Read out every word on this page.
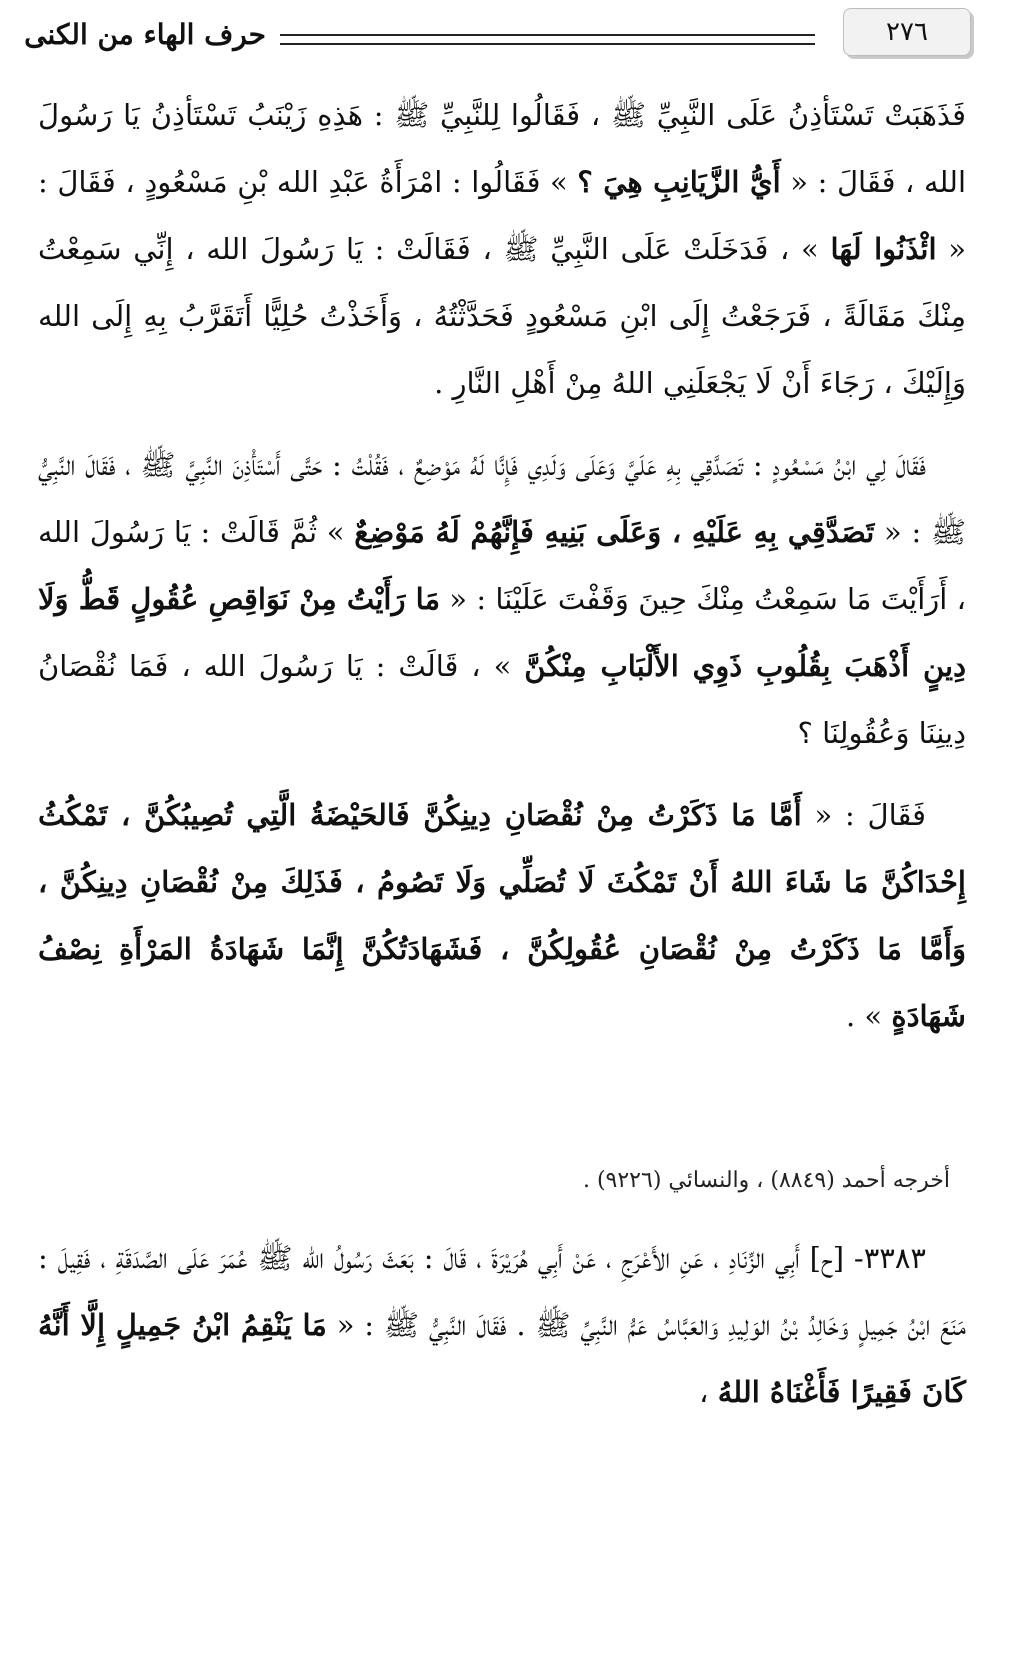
٢٧٦
حرف الهاء من الكنى

فَذَهَبَتْ تَسْتَأذِنُ عَلَى النَّبِيِّ ﷺ ، فَقَالُوا لِلنَّبِيِّ ﷺ : هَذِهِ زَيْنَبُ تَسْتَأذِنُ يَا رَسُولَ الله ، فَقَالَ : « أَيُّ الزَّيَانِبِ هِيَ ؟ » فَقَالُوا : امْرَأَةُ عَبْدِ الله بْنِ مَسْعُودٍ ، فَقَالَ : « ائْذَنُوا لَهَا » ، فَدَخَلَتْ عَلَى النَّبِيِّ ﷺ ، فَقَالَتْ : يَا رَسُولَ الله ، إِنِّي سَمِعْتُ مِنْكَ مَقَالَةً ، فَرَجَعْتُ إِلَى ابْنِ مَسْعُودٍ فَحَدَّثْتُهُ ، وَأَخَذْتُ حُلِيًّا أَتَقَرَّبُ بِهِ إِلَى الله وَإِلَيْكَ ، رَجَاءَ أَنْ لَا يَجْعَلَنِي اللهُ مِنْ أَهْلِ النَّارِ .

فَقَالَ لِي ابْنُ مَسْعُودٍ : تَصَدَّقِي بِهِ عَلَيَّ وَعَلَى وَلَدِي فَإِنَّا لَهُ مَوْضِعٌ ، فَقُلْتُ : حَتَّى أَسْتَأْذِنَ النَّبِيَّ ﷺ ، فَقَالَ النَّبِيُّ ﷺ : « تَصَدَّقِي بِهِ عَلَيْهِ ، وَعَلَى بَنِيهِ فَإِنَّهُمْ لَهُ مَوْضِعٌ » ثُمَّ قَالَتْ : يَا رَسُولَ الله ، أَرَأَيْتَ مَا سَمِعْتُ مِنْكَ حِينَ وَقَفْتَ عَلَيْنَا : « مَا رَأَيْتُ مِنْ نَوَاقِصِ عُقُولٍ قَطُّ وَلَا دِينٍ أَذْهَبَ بِقُلُوبِ ذَوِي الأَلْبَابِ مِنْكُنَّ » ، قَالَتْ : يَا رَسُولَ الله ، فَمَا نُقْصَانُ دِينِنَا وَعُقُولِنَا ؟

فَقَالَ : « أَمَّا مَا ذَكَرْتُ مِنْ نُقْصَانِ دِينِكُنَّ فَالحَيْضَةُ الَّتِي تُصِيبُكُنَّ ، تَمْكُثُ إِحْدَاكُنَّ مَا شَاءَ اللهُ أَنْ تَمْكُثَ لَا تُصَلِّي وَلَا تَصُومُ ، فَذَلِكَ مِنْ نُقْصَانِ دِينِكُنَّ ، وَأَمَّا مَا ذَكَرْتُ مِنْ نُقْصَانِ عُقُولِكُنَّ ، فَشَهَادَتُكُنَّ إِنَّمَا شَهَادَةُ المَرْأَةِ نِصْفُ شَهَادَةٍ » .

أخرجه أحمد (٨٨٤٩) ، والنسائي (٩٢٢٦) .

٣٣٨٣- [ح] أَبِي الزِّنَادِ ، عَنِ الأَعْرَجِ ، عَنْ أَبِي هُرَيْرَةَ ، قَالَ : بَعَثَ رَسُولُ الله ﷺ عُمَرَ عَلَى الصَّدَقَةِ ، فَقِيلَ : مَنَعَ ابْنُ جَمِيلٍ وَخَالِدُ بْنُ الوَلِيدِ وَالعَبَّاسُ عَمُّ النَّبِيِّ ﷺ . فَقَالَ النَّبِيُّ ﷺ : « مَا يَنْقِمُ ابْنُ جَمِيلٍ إِلَّا أَنَّهُ كَانَ فَقِيرًا فَأَغْنَاهُ اللهُ ،
